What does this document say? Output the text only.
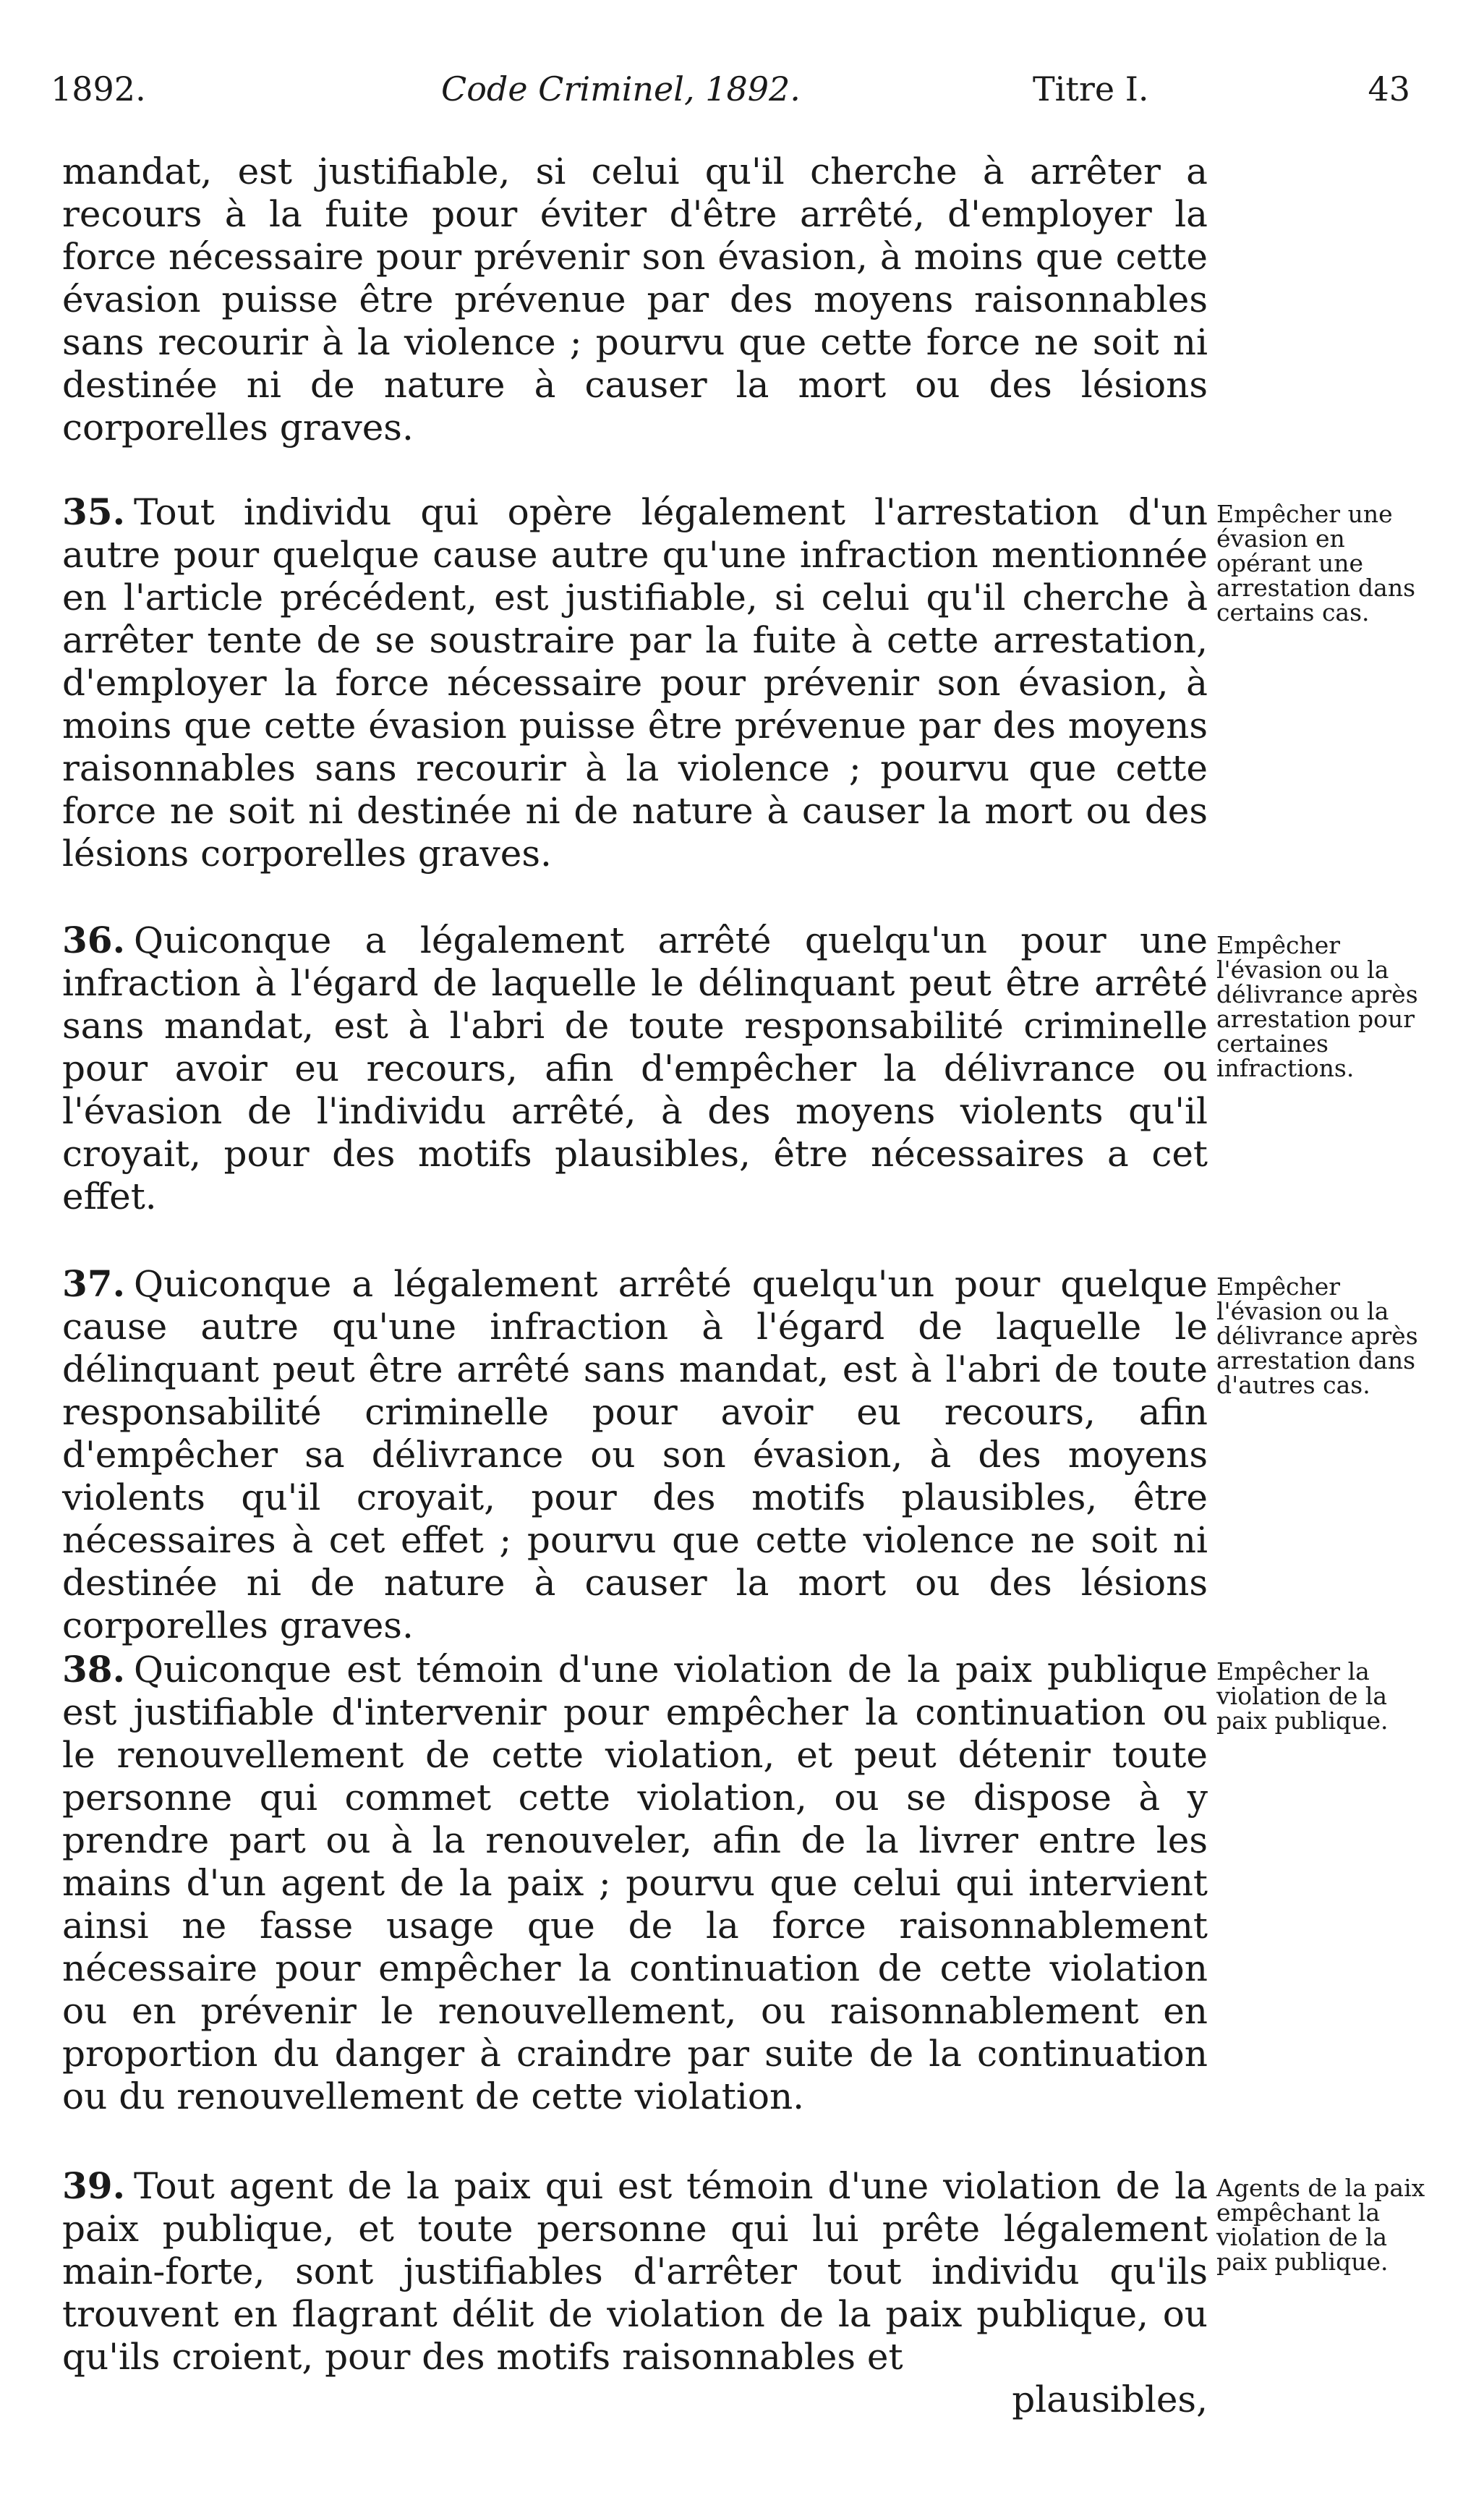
1892.	Code Criminel, 1892.	Titre I.	43
mandat, est justifiable, si celui qu'il cherche à arrêter a recours à la fuite pour éviter d'être arrêté, d'employer la force nécessaire pour prévenir son évasion, à moins que cette évasion puisse être prévenue par des moyens raisonnables sans recourir à la violence ; pourvu que cette force ne soit ni destinée ni de nature à causer la mort ou des lésions corporelles graves.
35. Tout individu qui opère légalement l'arrestation d'un autre pour quelque cause autre qu'une infraction mentionnée en l'article précédent, est justifiable, si celui qu'il cherche à arrêter tente de se soustraire par la fuite à cette arrestation, d'employer la force nécessaire pour prévenir son évasion, à moins que cette évasion puisse être prévenue par des moyens raisonnables sans recourir à la violence ; pourvu que cette force ne soit ni destinée ni de nature à causer la mort ou des lésions corporelles graves.
Empêcher une évasion en opérant une arrestation dans certains cas.
36. Quiconque a légalement arrêté quelqu'un pour une infraction à l'égard de laquelle le délinquant peut être arrêté sans mandat, est à l'abri de toute responsabilité criminelle pour avoir eu recours, afin d'empêcher la délivrance ou l'évasion de l'individu arrêté, à des moyens violents qu'il croyait, pour des motifs plausibles, être nécessaires a cet effet.
Empêcher l'évasion ou la délivrance après arrestation pour certaines infractions.
37. Quiconque a légalement arrêté quelqu'un pour quelque cause autre qu'une infraction à l'égard de laquelle le délinquant peut être arrêté sans mandat, est à l'abri de toute responsabilité criminelle pour avoir eu recours, afin d'empêcher sa délivrance ou son évasion, à des moyens violents qu'il croyait, pour des motifs plausibles, être nécessaires à cet effet ; pourvu que cette violence ne soit ni destinée ni de nature à causer la mort ou des lésions corporelles graves.
Empêcher l'évasion ou la délivrance après arrestation dans d'autres cas.
38. Quiconque est témoin d'une violation de la paix publique est justifiable d'intervenir pour empêcher la continuation ou le renouvellement de cette violation, et peut détenir toute personne qui commet cette violation, ou se dispose à y prendre part ou à la renouveler, afin de la livrer entre les mains d'un agent de la paix ; pourvu que celui qui intervient ainsi ne fasse usage que de la force raisonnablement nécessaire pour empêcher la continuation de cette violation ou en prévenir le renouvellement, ou raisonnablement en proportion du danger à craindre par suite de la continuation ou du renouvellement de cette violation.
Empêcher la violation de la paix publique.
39. Tout agent de la paix qui est témoin d'une violation de la paix publique, et toute personne qui lui prête légalement main-forte, sont justifiables d'arrêter tout individu qu'ils trouvent en flagrant délit de violation de la paix publique, ou qu'ils croient, pour des motifs raisonnables et
plausibles,
Agents de la paix empêchant la violation de la paix publique.
